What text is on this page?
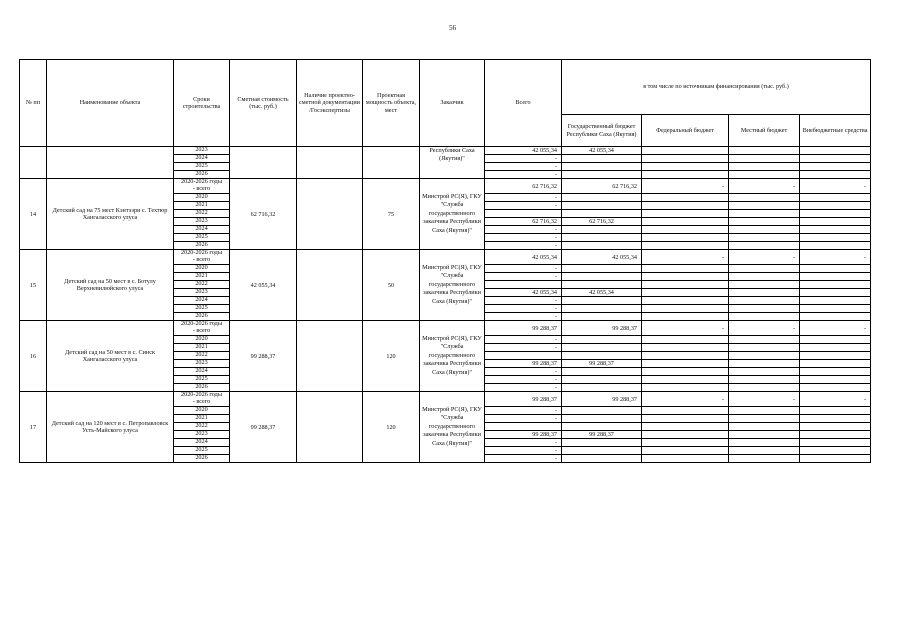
56
№ пп	Наименование объекта	Сроки строительства	Сметная стоимость (тыс. руб.)	Наличие проектно-сметной документации /Госэкспертизы	Проектная мощность объекта, мест	Заказчик	Всего	в том числе по источникам финансирования (тыс. руб.)			
								Государственный бюджет Республики Саха (Якутия)	Федеральный бюджет	Местный бюджет	Внебюджетные средства
		2023				Республики Саха (Якутия)"	42 055,34	42 055,34			
		2024					-				
		2025					-				
		2026					-				
14	Детский сад на 75 мест Кэнтээри с. Техтюр Хангаласского улуса	2020-2026 годы
- всего	62 716,32		75	Минстрой РС(Я), ГКУ "Служба государственного заказчика Республики Саха (Якутия)"	62 716,32	62 716,32	-	-	-
		2020					-				
		2021					-				
		2022									
		2023					62 716,32	62 716,32			
		2024					-				
		2025					-				
		2026					-				
15	Детский сад на 50 мест в с. Ботулу Верхневилюйского улуса	2020-2026 годы
- всего	42 055,34		50	Минстрой РС(Я), ГКУ "Служба государственного заказчика Республики Саха (Якутия)"	42 055,34	42 055,34	-	-	-
		2020					-				
		2021					-				
		2022									
		2023					42 055,34	42 055,34			
		2024					-				
		2025					-				
		2026					-				
16	Детский сад на 50 мест в с. Синск Хангаласского улуса	2020-2026 годы
- всего	99 288,37		120	Минстрой РС(Я), ГКУ "Служба государственного заказчика Республики Саха (Якутия)"	99 288,37	99 288,37	-	-	-
		2020					-				
		2021					-				
		2022									
		2023					99 288,37	99 288,37			
		2024					-				
		2025					-				
		2026					-				
17	Детский сад на 120 мест в с. Петропавловск Усть-Майского улуса	2020-2026 годы
- всего	99 288,37		120	Минстрой РС(Я), ГКУ "Служба государственного заказчика Республики Саха (Якутия)"	99 288,37	99 288,37	-	-	-
		2020					-				
		2021					-				
		2022									
		2023					99 288,37	99 288,37			
		2024					-				
		2025					-				
		2026					-				
